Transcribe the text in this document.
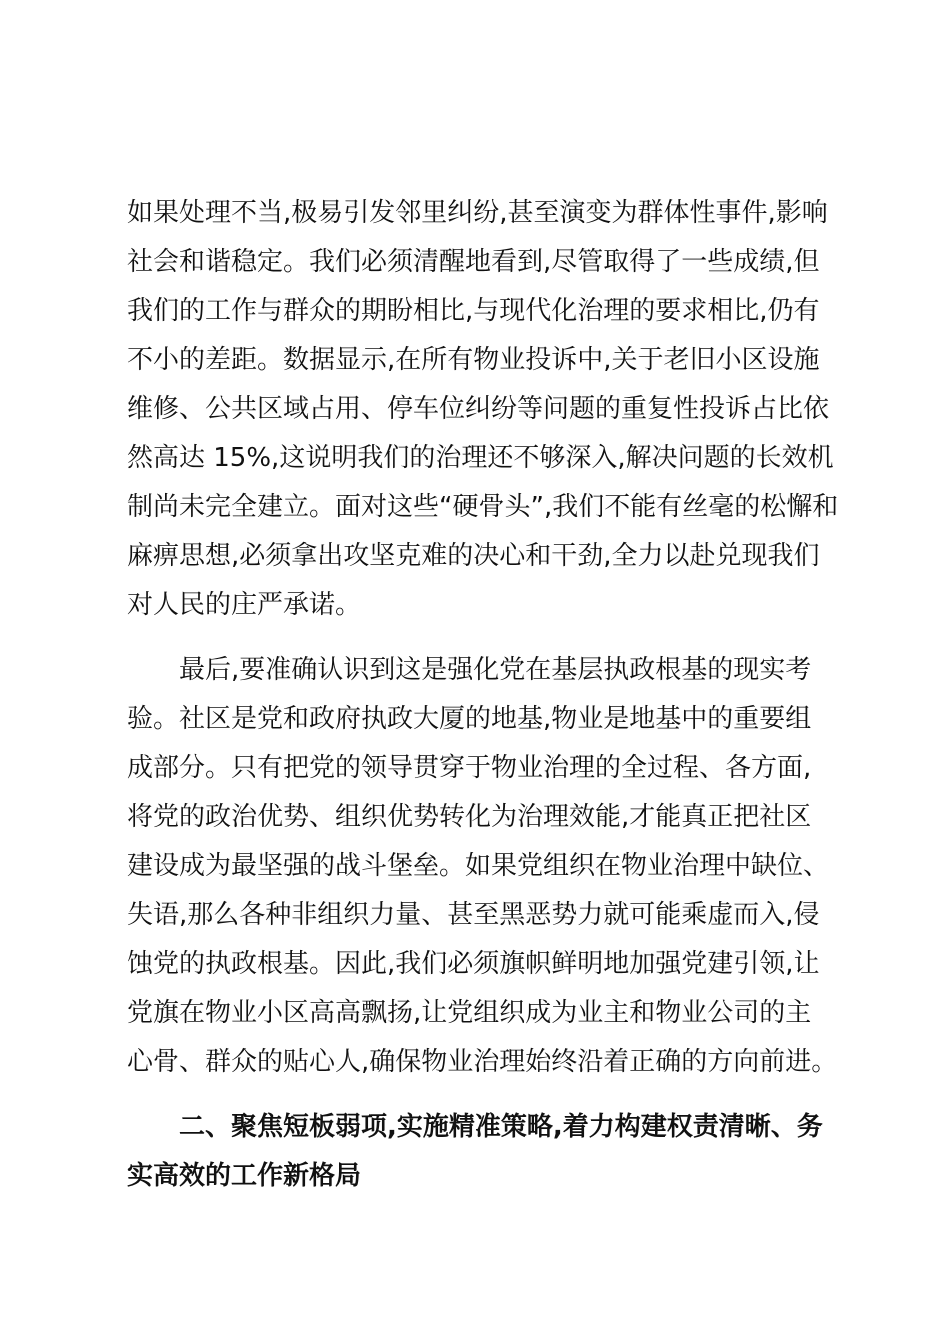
如果处理不当,极易引发邻里纠纷,甚至演变为群体性事件,影响
社会和谐稳定。我们必须清醒地看到,尽管取得了一些成绩,但
我们的工作与群众的期盼相比,与现代化治理的要求相比,仍有
不小的差距。数据显示,在所有物业投诉中,关于老旧小区设施
维修、公共区域占用、停车位纠纷等问题的重复性投诉占比依
然高达 15%,这说明我们的治理还不够深入,解决问题的长效机
制尚未完全建立。面对这些“硬骨头”,我们不能有丝毫的松懈和
麻痹思想,必须拿出攻坚克难的决心和干劲,全力以赴兑现我们
对人民的庄严承诺。
最后,要准确认识到这是强化党在基层执政根基的现实考
验。社区是党和政府执政大厦的地基,物业是地基中的重要组
成部分。只有把党的领导贯穿于物业治理的全过程、各方面,
将党的政治优势、组织优势转化为治理效能,才能真正把社区
建设成为最坚强的战斗堡垒。如果党组织在物业治理中缺位、
失语,那么各种非组织力量、甚至黑恶势力就可能乘虚而入,侵
蚀党的执政根基。因此,我们必须旗帜鲜明地加强党建引领,让
党旗在物业小区高高飘扬,让党组织成为业主和物业公司的主
心骨、群众的贴心人,确保物业治理始终沿着正确的方向前进。
二、聚焦短板弱项,实施精准策略,着力构建权责清晰、务
实高效的工作新格局
